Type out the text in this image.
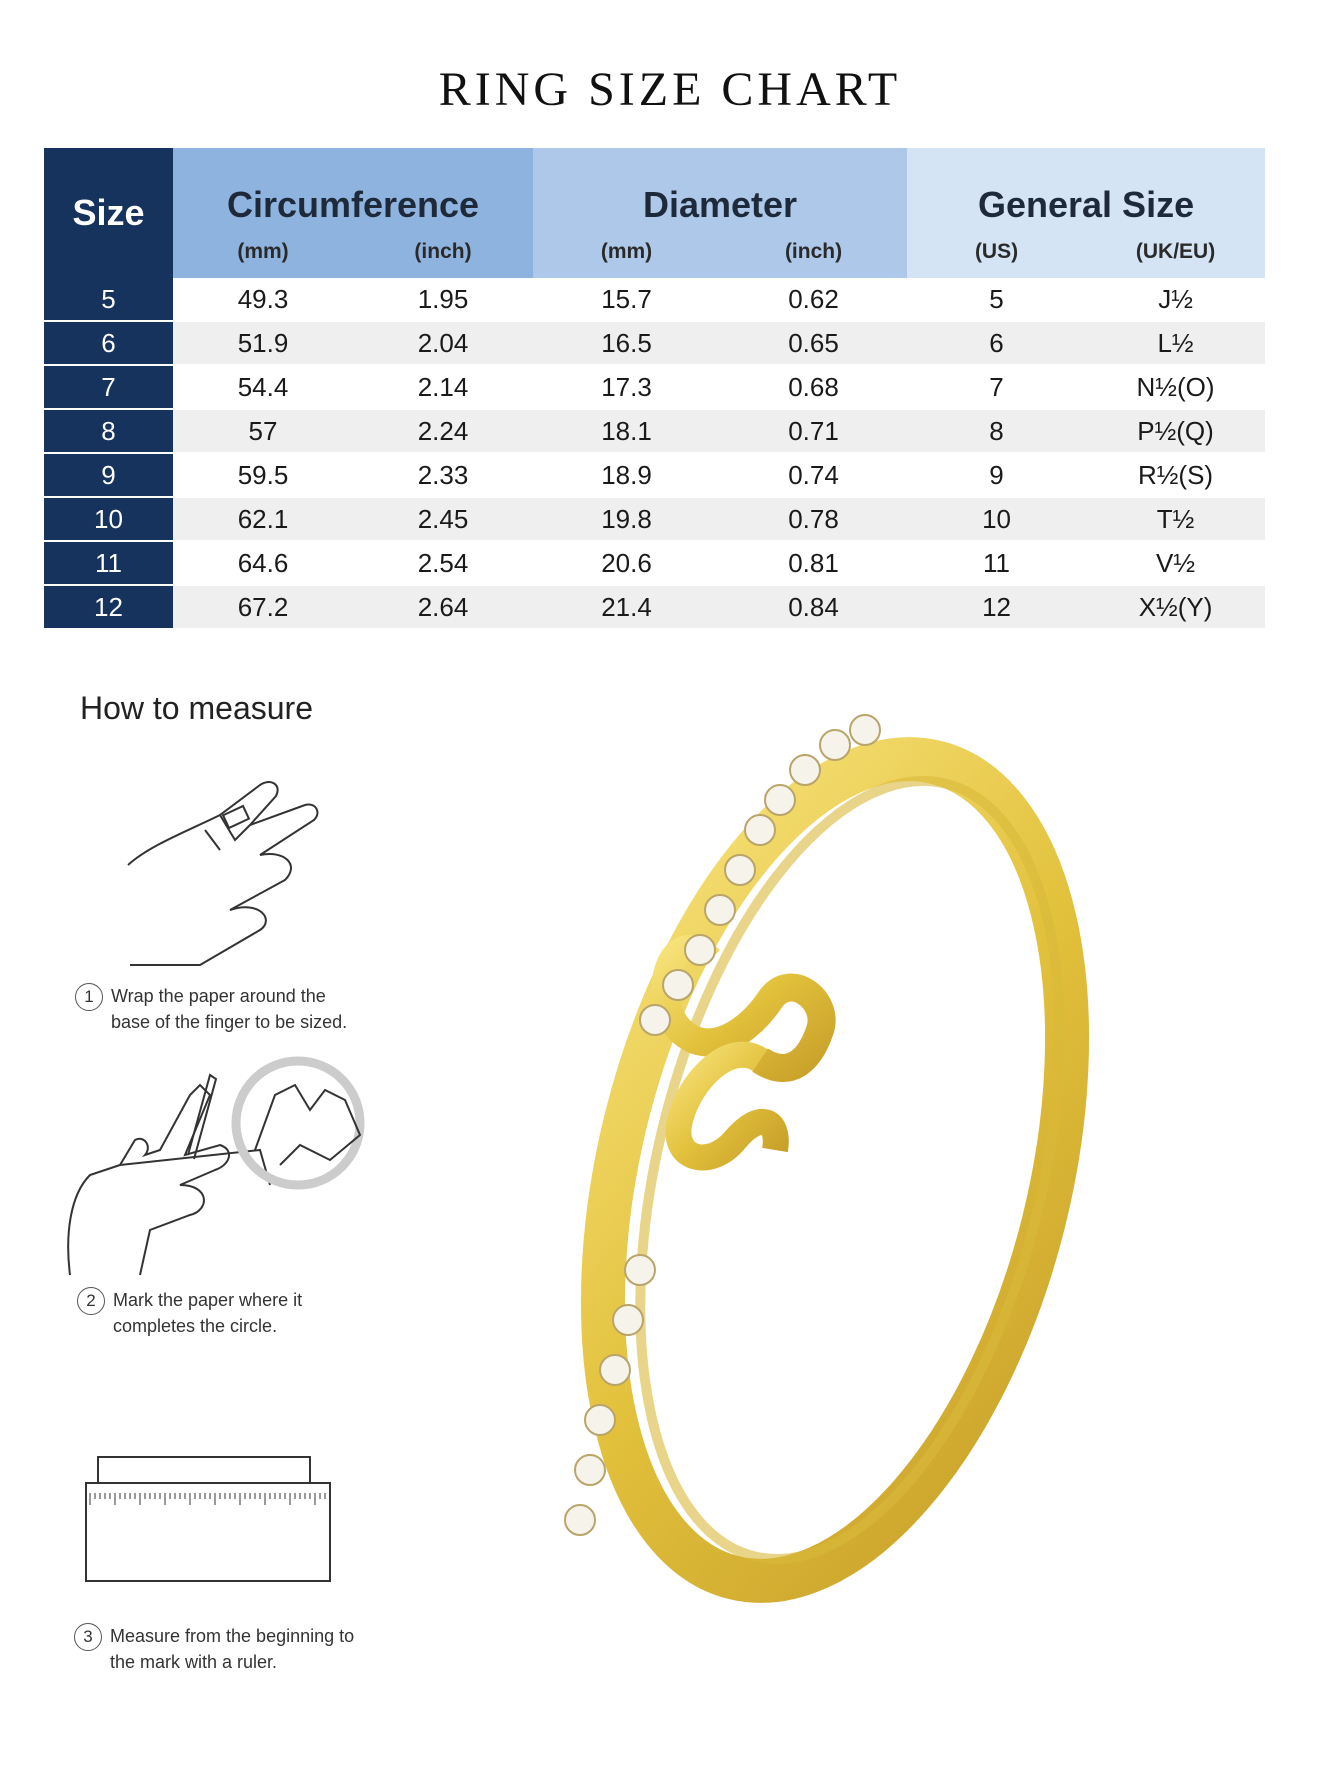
RING SIZE CHART
Size	Circumference		Diameter		General Size	
	(mm)	(inch)	(mm)	(inch)	(US)	(UK/EU)
5	49.3	1.95	15.7	0.62	5	J½
6	51.9	2.04	16.5	0.65	6	L½
7	54.4	2.14	17.3	0.68	7	N½(O)
8	57	2.24	18.1	0.71	8	P½(Q)
9	59.5	2.33	18.9	0.74	9	R½(S)
10	62.1	2.45	19.8	0.78	10	T½
11	64.6	2.54	20.6	0.81	11	V½
12	67.2	2.64	21.4	0.84	12	X½(Y)
How to measure
1 Wrap the paper around the
base of the finger to be sized.
2 Mark the paper where it
completes the circle.
3 Measure from the beginning to
the mark with a ruler.
